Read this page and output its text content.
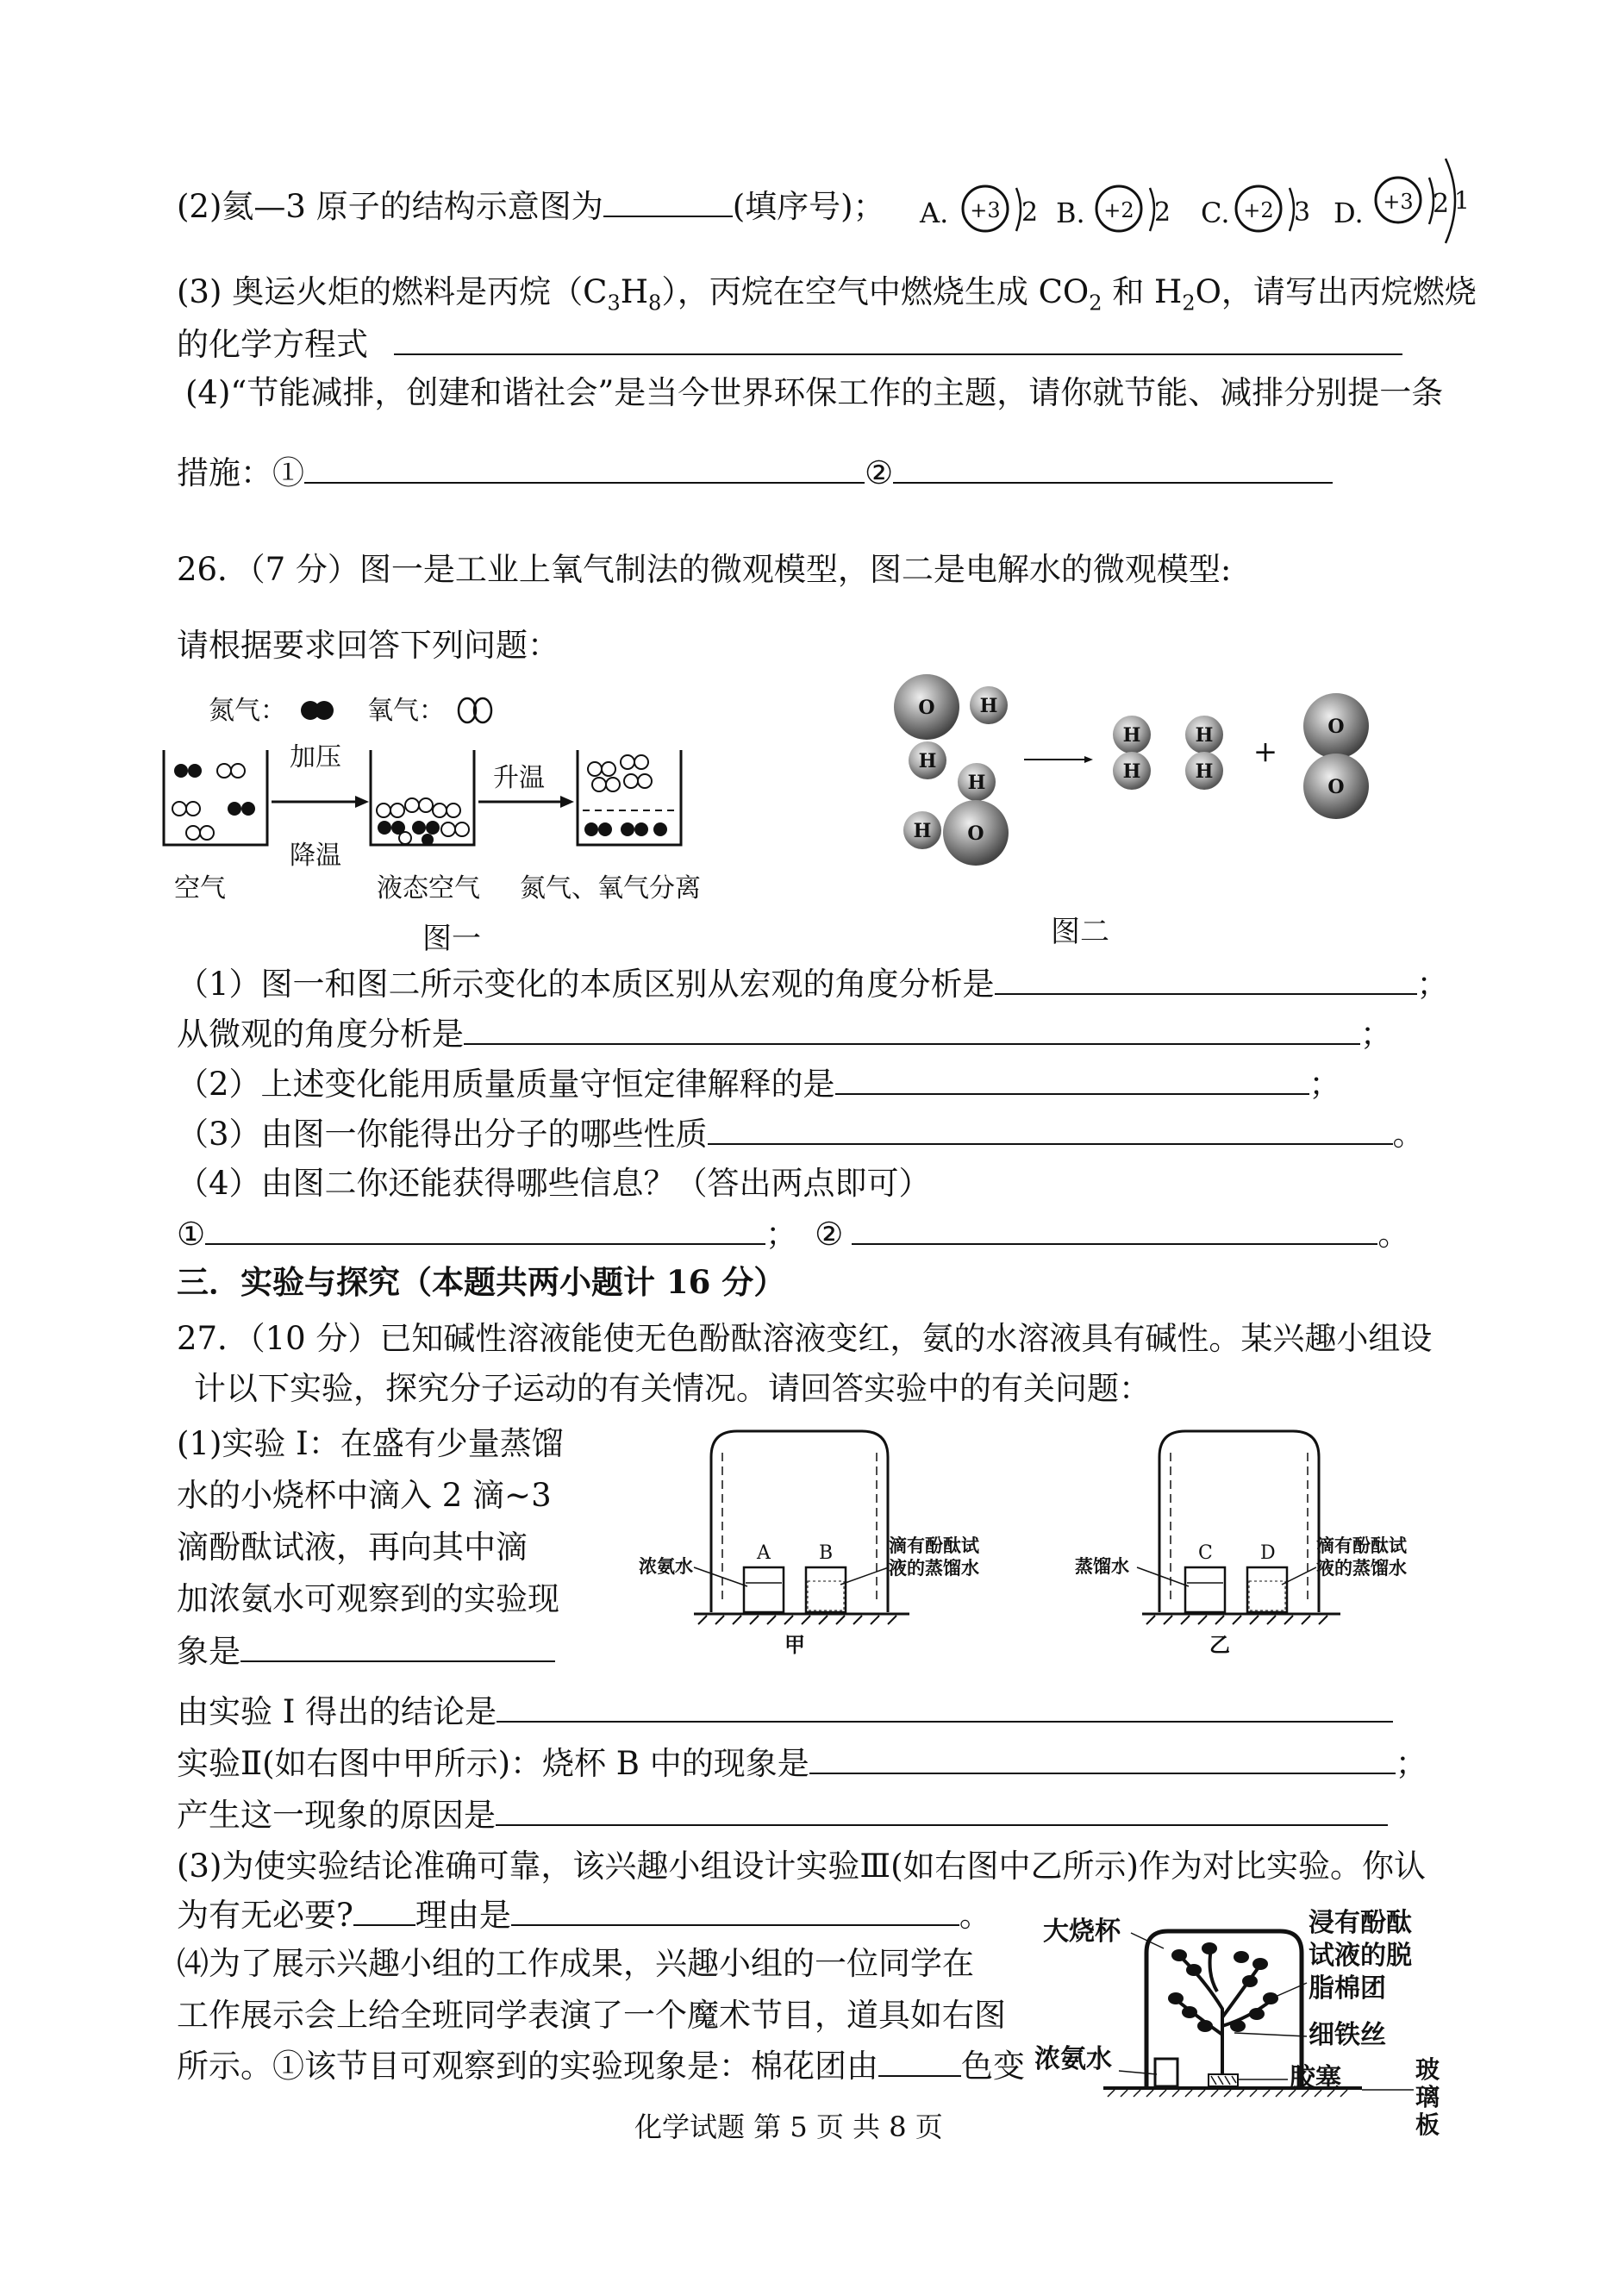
(2)氦—3 原子的结构示意图为	(填序号)； A. +3 2 B. +2 2 C. +2 3 D. +3 2 1
(3) 奥运火炬的燃料是丙烷$(C_3H_8)$，丙烷在空气中燃烧生成 $CO_2$ 和 $H_2O$，请写出丙烷燃烧
的化学方程式
(4)“节能减排，创建和谐社会”是当今世界环保工作的主题，请你就节能、减排分别提一条
措施：①	②
26．（7 分）图一是工业上氧气制法的微观模型，图二是电解水的微观模型:
请根据要求回答下列问题：
氮气：	氧气：
加压
降温
升温
空气	液态空气 氮气、氧气分离
图一
O H
H
H
H O
H
H
H
H
+
O
O
图二
（1）图一和图二所示变化的本质区别从宏观的角度分析是	；
从微观的角度分析是	；
（2）上述变化能用质量质量守恒定律解释的是	；
（3）由图一你能得出分子的哪些性质	。
（4）由图二你还能获得哪些信息？（答出两点即可）
①	； ②	。
三．实验与探究（本题共两小题计 16 分）
27．（10 分）已知碱性溶液能使无色酚酞溶液变红，氨的水溶液具有碱性。某兴趣小组设
计以下实验，探究分子运动的有关情况。请回答实验中的有关问题：
(1)实验 I：在盛有少量蒸馏
水的小烧杯中滴入 2 滴~3
滴酚酞试液，再向其中滴
加浓氨水可观察到的实验现
象是
A	B
浓氨水
滴有酚酞试
液的蒸馏水
甲
C	D
蒸馏水
滴有酚酞试
液的蒸馏水
乙
由实验 I 得出的结论是
实验Ⅱ(如右图中甲所示)：烧杯 B 中的现象是	；
产生这一现象的原因是
(3)为使实验结论准确可靠，该兴趣小组设计实验Ⅲ(如右图中乙所示)作为对比实验。你认
为有无必要? 理由是	。
⑷为了展示兴趣小组的工作成果，兴趣小组的一位同学在
工作展示会上给全班同学表演了一个魔术节目，道具如右图
所示。①该节目可观察到的实验现象是：棉花团由	色变
大烧杯	浸有酚酞
试液的脱
脂棉团
细铁丝
浓氨水
胶塞	玻
璃
板
化学试题 第 5 页 共 8 页
